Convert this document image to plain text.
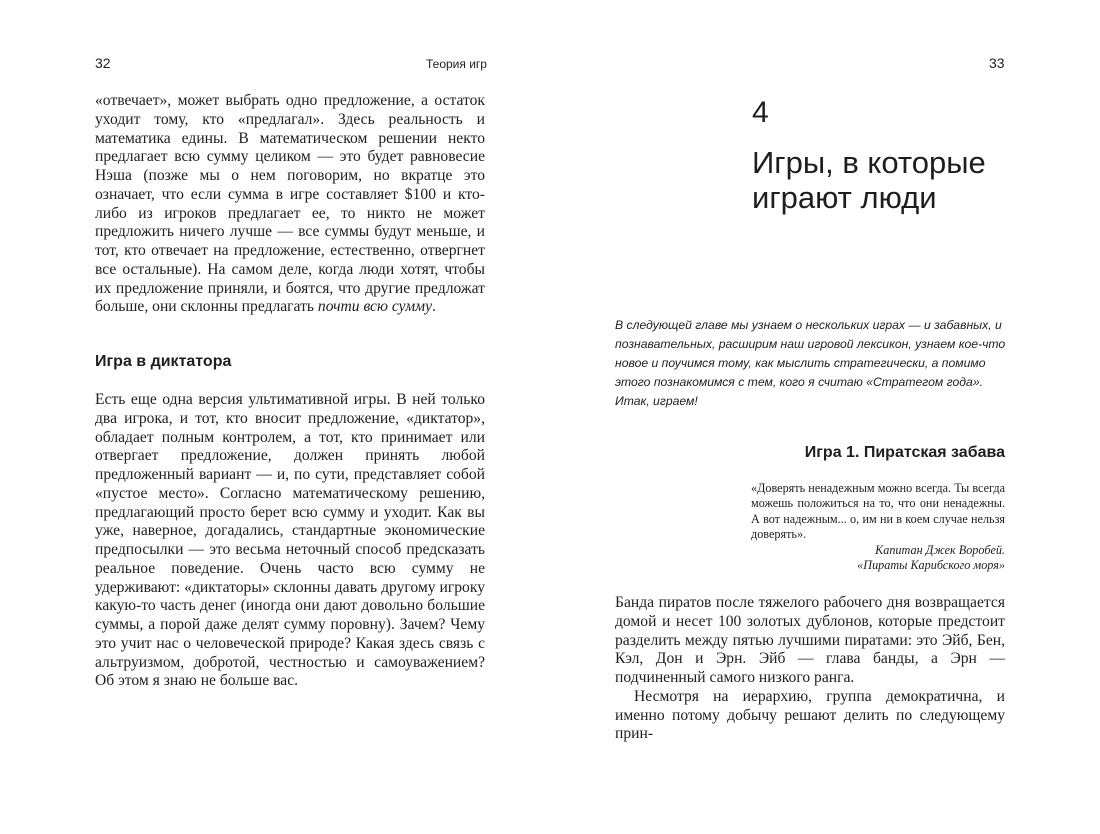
32	Теория игр

«отвечает», может выбрать одно предложение, а остаток уходит тому, кто «предлагал». Здесь реальность и математика едины. В математическом решении некто предлагает всю сумму целиком — это будет равновесие Нэша (позже мы о нем поговорим, но вкратце это означает, что если сумма в игре составляет $100 и кто-либо из игроков предлагает ее, то никто не может предложить ничего лучше — все суммы будут меньше, и тот, кто отвечает на предложение, естественно, отвергнет все остальные). На самом деле, когда люди хотят, чтобы их предложение приняли, и боятся, что другие предложат больше, они склонны предлагать почти всю сумму.

Игра в диктатора

Есть еще одна версия ультимативной игры. В ней только два игрока, и тот, кто вносит предложение, «диктатор», обладает полным контролем, а тот, кто принимает или отвергает предложение, должен принять любой предложенный вариант — и, по сути, представляет собой «пустое место». Согласно математическому решению, предлагающий просто берет всю сумму и уходит. Как вы уже, наверное, догадались, стандартные экономические предпосылки — это весьма неточный способ предсказать реальное поведение. Очень часто всю сумму не удерживают: «диктаторы» склонны давать другому игроку какую-то часть денег (иногда они дают довольно большие суммы, а порой даже делят сумму поровну). Зачем? Чему это учит нас о человеческой природе? Какая здесь связь с альтруизмом, добротой, честностью и самоуважением? Об этом я знаю не больше вас.

33
4
Игры, в которые играют люди

В следующей главе мы узнаем о нескольких играх — и забавных, и познавательных, расширим наш игровой лексикон, узнаем кое-что новое и поучимся тому, как мыслить стратегически, а помимо этого познакомимся с тем, кого я считаю «Стратегом года». Итак, играем!

Игра 1. Пиратская забава

«Доверять ненадежным можно всегда. Ты всегда можешь положиться на то, что они ненадежны. А вот надежным... о, им ни в коем случае нельзя доверять».

Капитан Джек Воробей.

«Пираты Карибского моря»

Банда пиратов после тяжелого рабочего дня возвращается домой и несет 100 золотых дублонов, которые предстоит разделить между пятью лучшими пиратами: это Эйб, Бен, Кэл, Дон и Эрн. Эйб — глава банды, а Эрн — подчиненный самого низкого ранга.

Несмотря на иерархию, группа демократична, и именно потому добычу решают делить по следующему прин-
